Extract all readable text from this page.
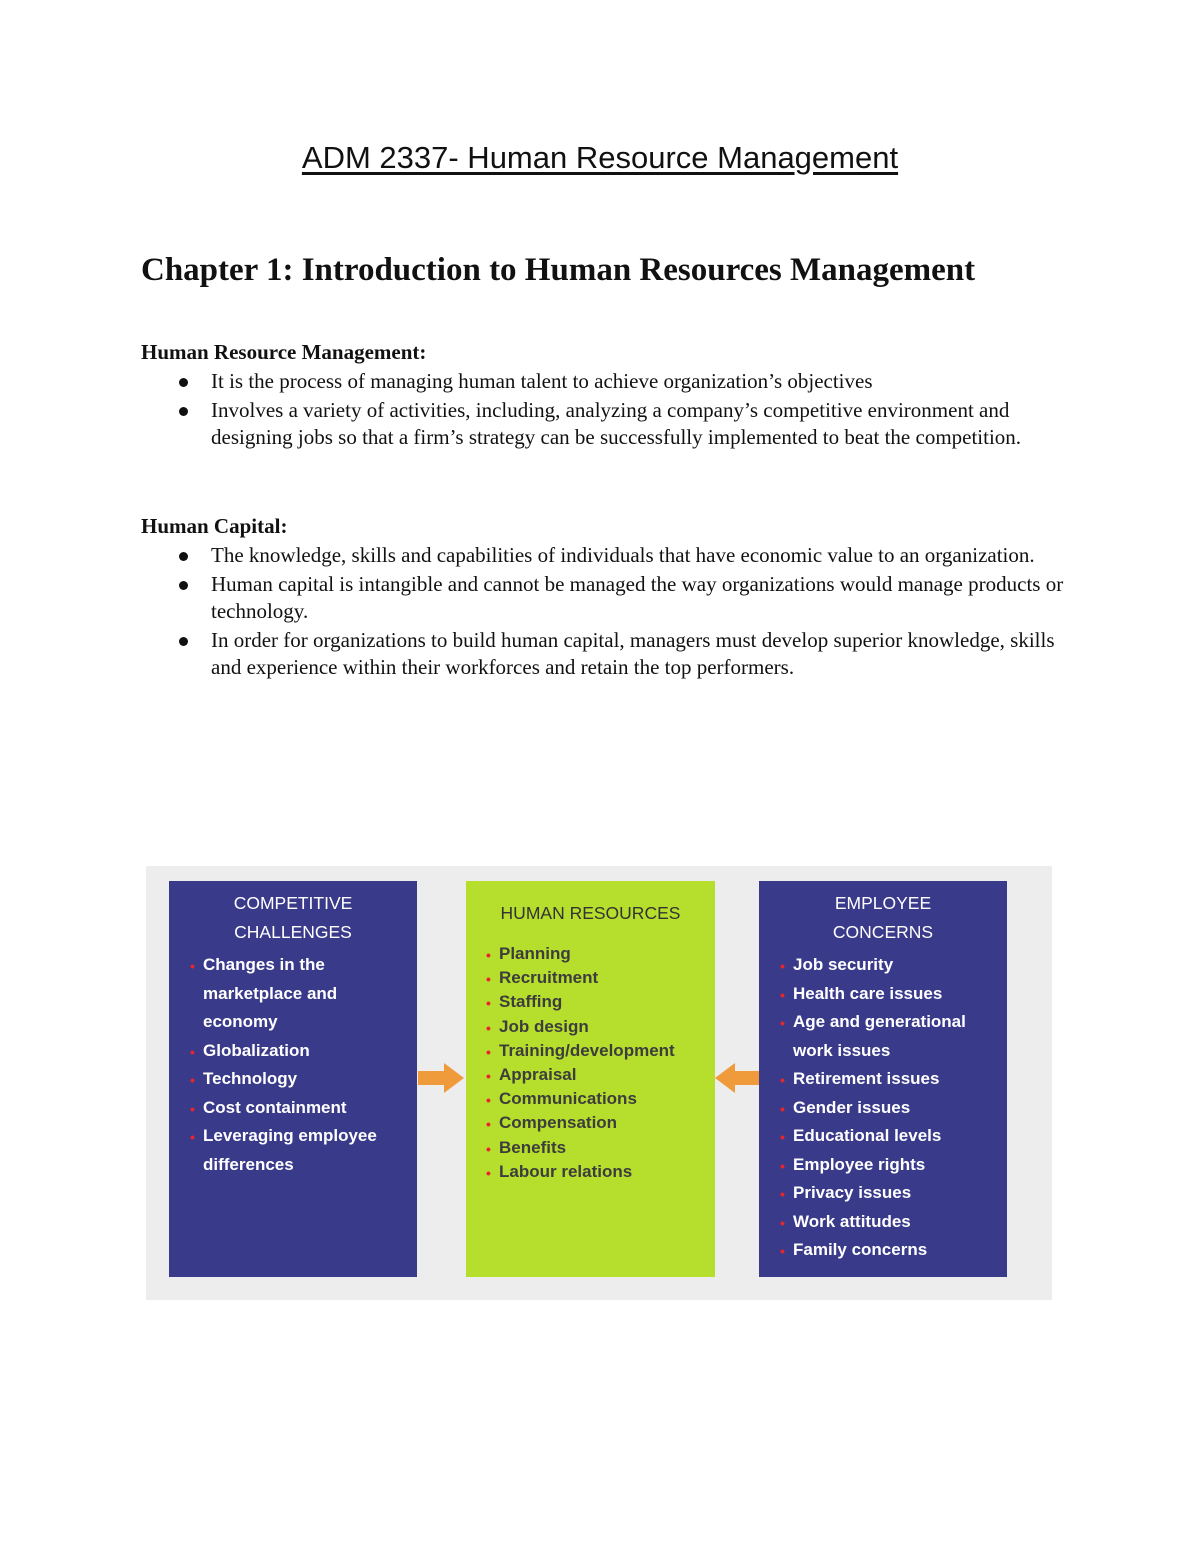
ADM 2337- Human Resource Management
Chapter 1: Introduction to Human Resources Management
Human Resource Management:
It is the process of managing human talent to achieve organization’s objectives
Involves a variety of activities, including, analyzing a company’s competitive environment and designing jobs so that a firm’s strategy can be successfully implemented to beat the competition.
Human Capital:
The knowledge, skills and capabilities of individuals that have economic value to an organization.
Human capital is intangible and cannot be managed the way organizations would manage products or technology.
In order for organizations to build human capital, managers must develop superior knowledge, skills and experience within their workforces and retain the top performers.
COMPETITIVE
CHALLENGES
• Changes in the marketplace and economy
• Globalization
• Technology
• Cost containment
• Leveraging employee differences
HUMAN RESOURCES
• Planning
• Recruitment
• Staffing
• Job design
• Training/development
• Appraisal
• Communications
• Compensation
• Benefits
• Labour relations
EMPLOYEE
CONCERNS
• Job security
• Health care issues
• Age and generational work issues
• Retirement issues
• Gender issues
• Educational levels
• Employee rights
• Privacy issues
• Work attitudes
• Family concerns
